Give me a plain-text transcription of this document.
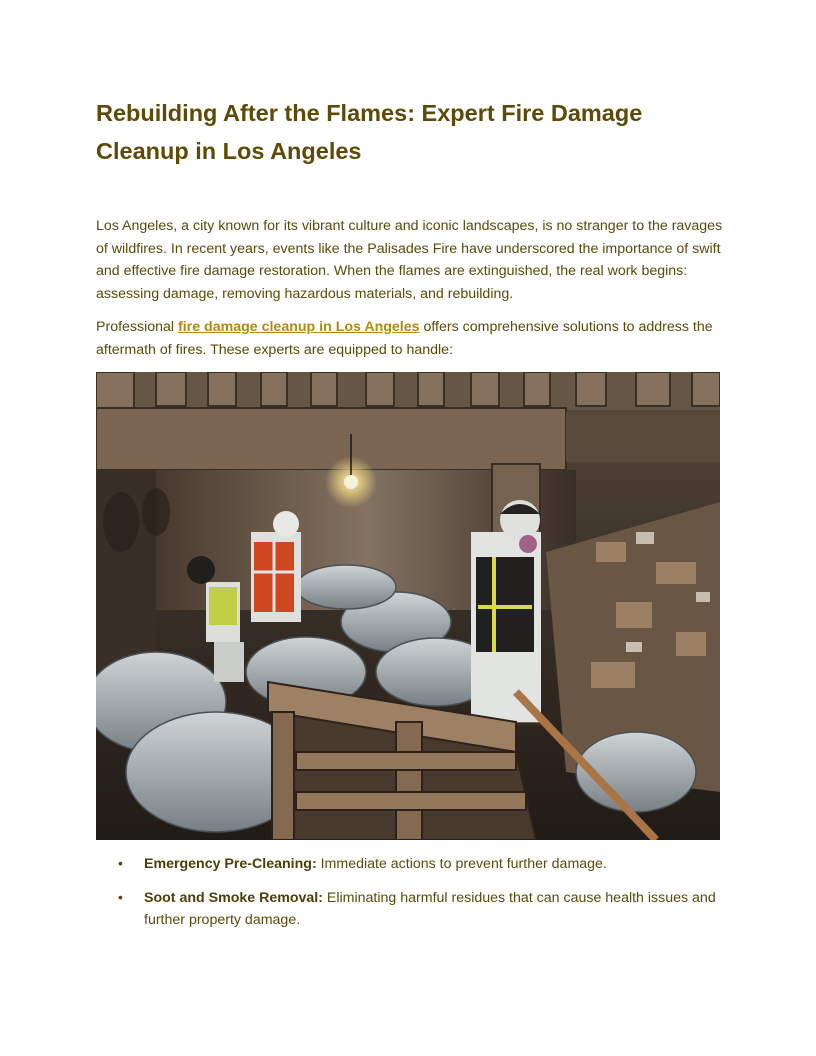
Rebuilding After the Flames: Expert Fire Damage Cleanup in Los Angeles

Los Angeles, a city known for its vibrant culture and iconic landscapes, is no stranger to the ravages of wildfires. In recent years, events like the Palisades Fire have underscored the importance of swift and effective fire damage restoration. When the flames are extinguished, the real work begins: assessing damage, removing hazardous materials, and rebuilding.

Professional fire damage cleanup in Los Angeles offers comprehensive solutions to address the aftermath of fires. These experts are equipped to handle:

• Emergency Pre-Cleaning: Immediate actions to prevent further damage.
• Soot and Smoke Removal: Eliminating harmful residues that can cause health issues and further property damage.
